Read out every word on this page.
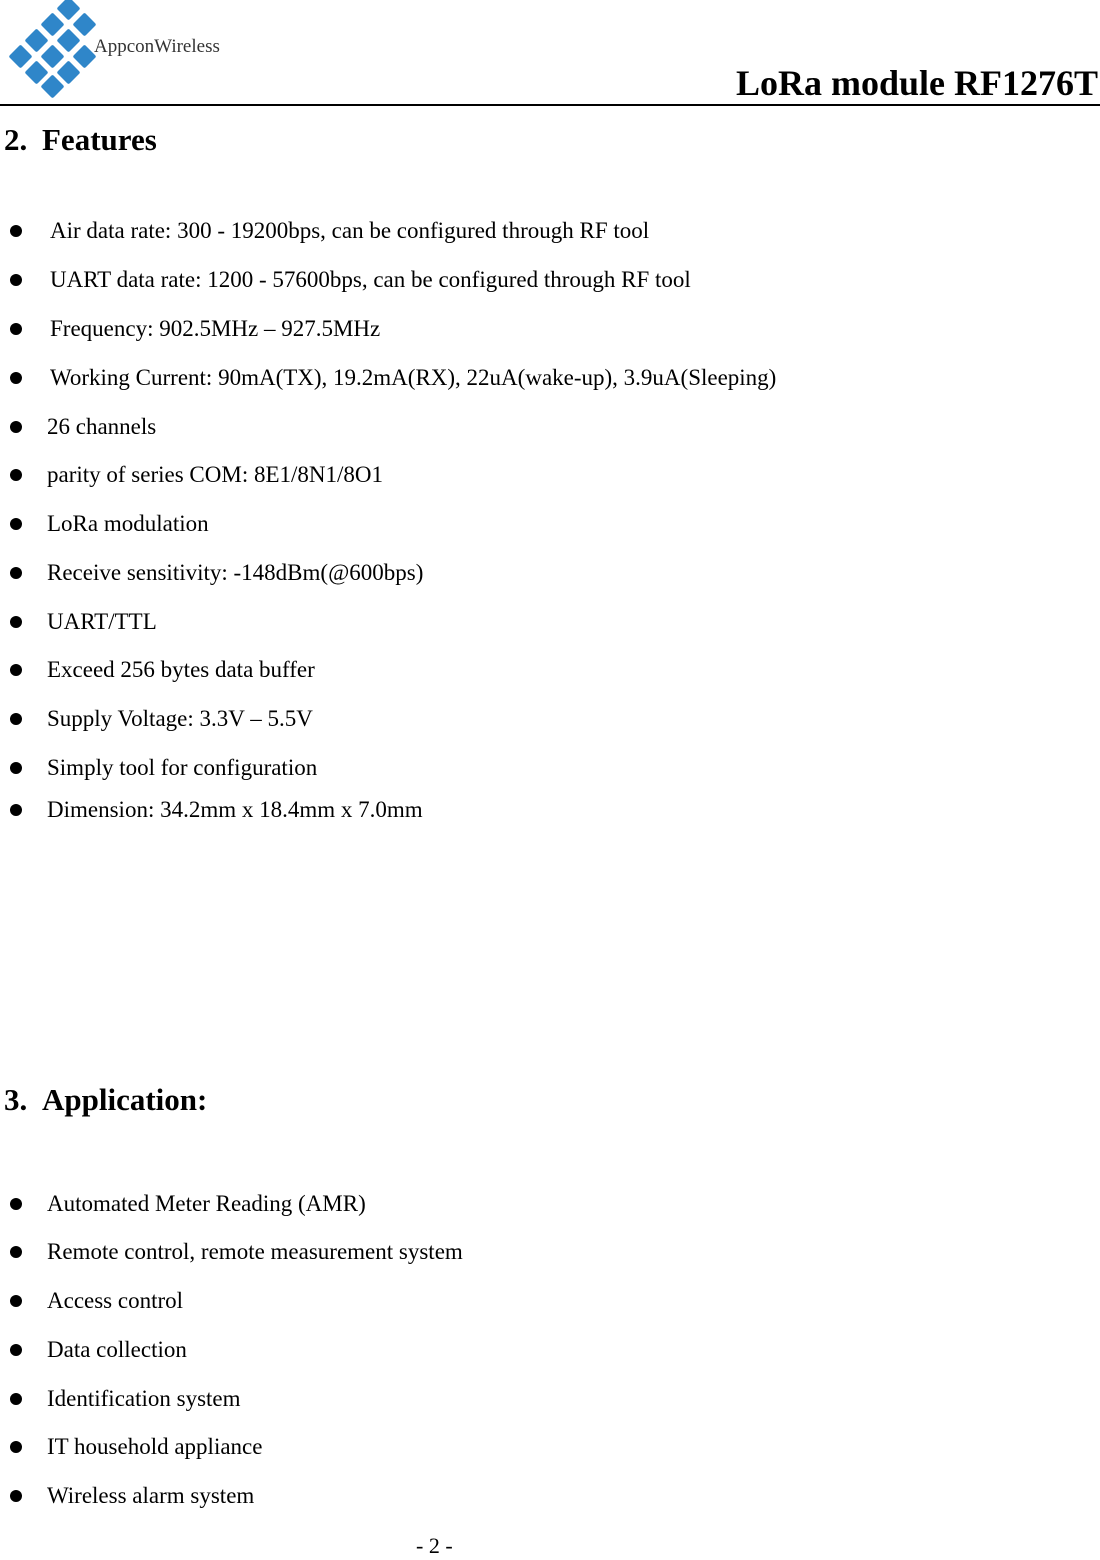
AppconWireless
LoRa module RF1276T
2. Features
Air data rate: 300 - 19200bps, can be configured through RF tool
UART data rate: 1200 - 57600bps, can be configured through RF tool
Frequency: 902.5MHz – 927.5MHz
Working Current: 90mA(TX), 19.2mA(RX), 22uA(wake-up), 3.9uA(Sleeping)
26 channels
parity of series COM: 8E1/8N1/8O1
LoRa modulation
Receive sensitivity: -148dBm(@600bps)
UART/TTL
Exceed 256 bytes data buffer
Supply Voltage: 3.3V – 5.5V
Simply tool for configuration
Dimension: 34.2mm x 18.4mm x 7.0mm
3. Application:
Automated Meter Reading (AMR)
Remote control, remote measurement system
Access control
Data collection
Identification system
IT household appliance
Wireless alarm system
- 2 -
